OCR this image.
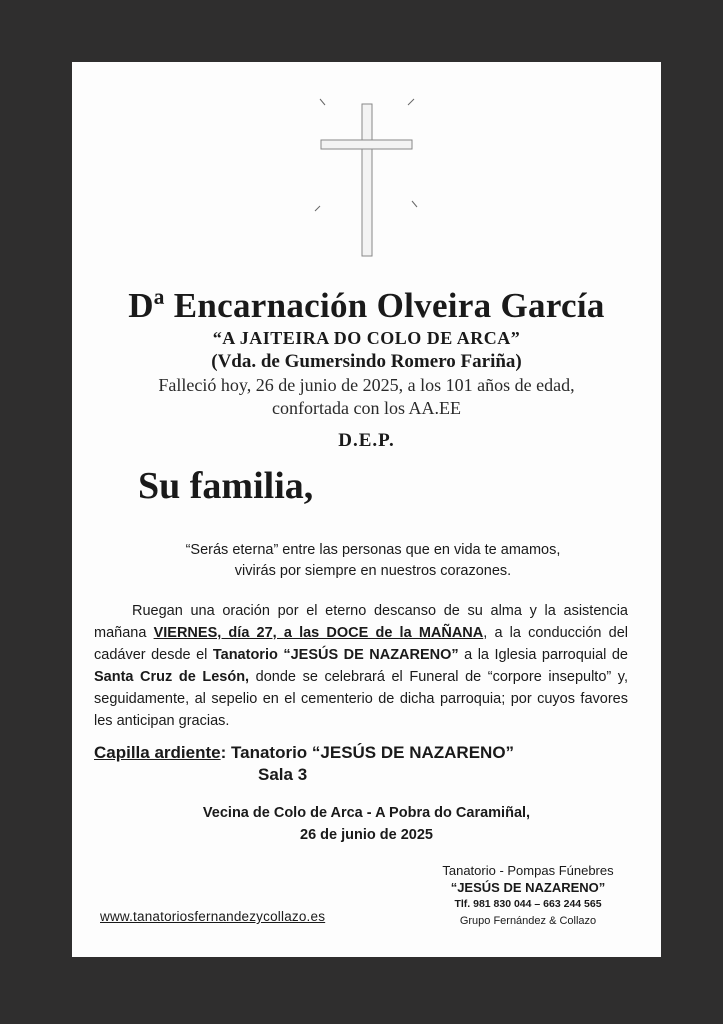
Dª Encarnación Olveira García

“A JAITEIRA DO COLO DE ARCA”

(Vda. de Gumersindo Romero Fariña)

Falleció hoy, 26 de junio de 2025, a los 101 años de edad,

confortada con los AA.EE

D.E.P.

Su familia,

“Serás eterna” entre las personas que en vida te amamos,
vivirás por siempre en nuestros corazones.

Ruegan una oración por el eterno descanso de su alma y la asistencia mañana VIERNES, día 27, a las DOCE de la MAÑANA, a la conducción del cadáver desde el Tanatorio “JESÚS DE NAZARENO” a la Iglesia parroquial de Santa Cruz de Lesón, donde se celebrará el Funeral de “corpore insepulto” y, seguidamente, al sepelio en el cementerio de dicha parroquia; por cuyos favores les anticipan gracias.

Capilla ardiente: Tanatorio “JESÚS DE NAZARENO”

Sala 3

Vecina de Colo de Arca - A Pobra do Caramiñal,
26 de junio de 2025
Tanatorio - Pompas Fúnebres
“JESÚS DE NAZARENO”
Tlf. 981 830 044 – 663 244 565
Grupo Fernández & Collazo

www.tanatoriosfernandezycollazo.es
